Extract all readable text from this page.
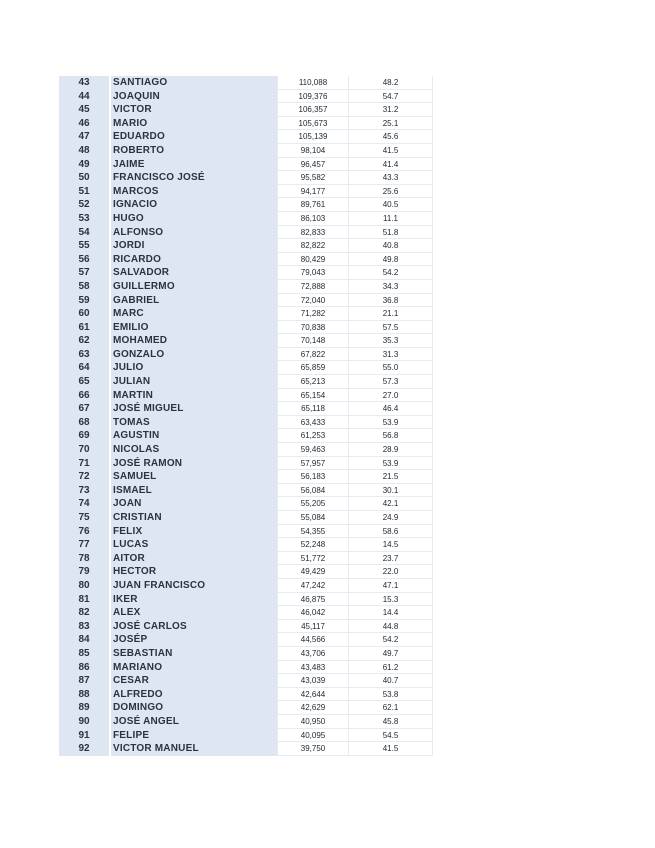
43	SANTIAGO	110,088	48.2
44	JOAQUIN	109,376	54.7
45	VICTOR	106,357	31.2
46	MARIO	105,673	25.1
47	EDUARDO	105,139	45.6
48	ROBERTO	98,104	41.5
49	JAIME	96,457	41.4
50	FRANCISCO JOSÉ	95,582	43.3
51	MARCOS	94,177	25.6
52	IGNACIO	89,761	40.5
53	HUGO	86,103	11.1
54	ALFONSO	82,833	51.8
55	JORDI	82,822	40.8
56	RICARDO	80,429	49.8
57	SALVADOR	79,043	54.2
58	GUILLERMO	72,888	34.3
59	GABRIEL	72,040	36.8
60	MARC	71,282	21.1
61	EMILIO	70,838	57.5
62	MOHAMED	70,148	35.3
63	GONZALO	67,822	31.3
64	JULIO	65,859	55.0
65	JULIAN	65,213	57.3
66	MARTIN	65,154	27.0
67	JOSÉ MIGUEL	65,118	46.4
68	TOMAS	63,433	53.9
69	AGUSTIN	61,253	56.8
70	NICOLAS	59,463	28.9
71	JOSÉ RAMON	57,957	53.9
72	SAMUEL	56,183	21.5
73	ISMAEL	56,084	30.1
74	JOAN	55,205	42.1
75	CRISTIAN	55,084	24.9
76	FELIX	54,355	58.6
77	LUCAS	52,248	14.5
78	AITOR	51,772	23.7
79	HECTOR	49,429	22.0
80	JUAN FRANCISCO	47,242	47.1
81	IKER	46,875	15.3
82	ALEX	46,042	14.4
83	JOSÉ CARLOS	45,117	44.8
84	JOSÉP	44,566	54.2
85	SEBASTIAN	43,706	49.7
86	MARIANO	43,483	61.2
87	CESAR	43,039	40.7
88	ALFREDO	42,644	53.8
89	DOMINGO	42,629	62.1
90	JOSÉ ANGEL	40,950	45.8
91	FELIPE	40,095	54.5
92	VICTOR MANUEL	39,750	41.5
